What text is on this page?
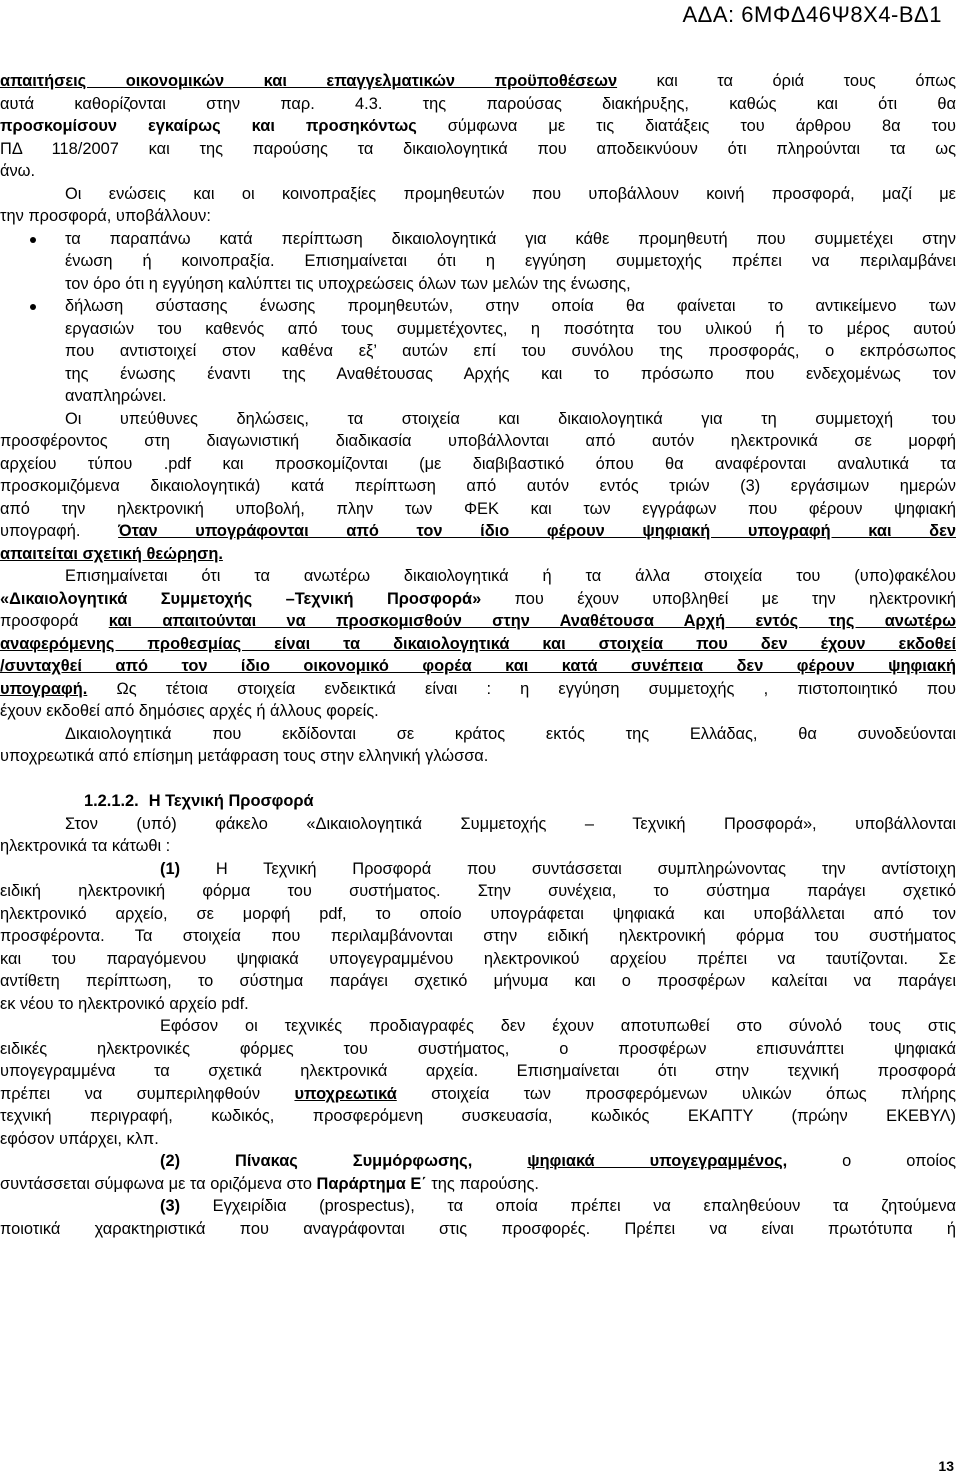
ΑΔΑ: 6ΜΦΔ46Ψ8Χ4-ΒΔ1
απαιτήσεις οικονομικών και επαγγελματικών προϋποθέσεων και τα όριά τους όπως
αυτά καθορίζονται στην παρ. 4.3. της παρούσας διακήρυξης, καθώς και ότι θα
προσκομίσουν εγκαίρως και προσηκόντως σύμφωνα με τις διατάξεις του άρθρου 8α του
ΠΔ 118/2007 και της παρούσης τα δικαιολογητικά που αποδεικνύουν ότι πληρούνται τα ως
άνω.
Οι ενώσεις και οι κοινοπραξίες προμηθευτών που υποβάλλουν κοινή προσφορά, μαζί με
την προσφορά, υποβάλλουν:
τα παραπάνω κατά περίπτωση δικαιολογητικά για κάθε προμηθευτή που συμμετέχει στην
ένωση ή κοινοπραξία. Επισημαίνεται ότι η εγγύηση συμμετοχής πρέπει να περιλαμβάνει
τον όρο ότι η εγγύηση καλύπτει τις υποχρεώσεις όλων των μελών της ένωσης,
δήλωση σύστασης ένωσης προμηθευτών, στην οποία θα φαίνεται το αντικείμενο των
εργασιών του καθενός από τους συμμετέχοντες, η ποσότητα του υλικού ή το μέρος αυτού
που αντιστοιχεί στον καθένα εξ’ αυτών επί του συνόλου της προσφοράς, ο εκπρόσωπος
της ένωσης έναντι της Αναθέτουσας Αρχής και το πρόσωπο που ενδεχομένως τον
αναπληρώνει.
Οι υπεύθυνες δηλώσεις, τα στοιχεία και δικαιολογητικά για τη συμμετοχή του
προσφέροντος στη διαγωνιστική διαδικασία υποβάλλονται από αυτόν ηλεκτρονικά σε μορφή
αρχείου τύπου .pdf και προσκομίζονται (με διαβιβαστικό όπου θα αναφέρονται αναλυτικά τα
προσκομιζόμενα δικαιολογητικά) κατά περίπτωση από αυτόν εντός τριών (3) εργάσιμων ημερών
από την ηλεκτρονική υποβολή, πλην των ΦΕΚ και των εγγράφων που φέρουν ψηφιακή
υπογραφή. Όταν υπογράφονται από τον ίδιο φέρουν ψηφιακή υπογραφή και δεν
απαιτείται σχετική θεώρηση.
Επισημαίνεται ότι τα ανωτέρω δικαιολογητικά ή τα άλλα στοιχεία του (υπο)φακέλου
«Δικαιολογητικά Συμμετοχής –Τεχνική Προσφορά» που έχουν υποβληθεί με την ηλεκτρονική
προσφορά και απαιτούνται να προσκομισθούν στην Αναθέτουσα Αρχή εντός της ανωτέρω
αναφερόμενης προθεσμίας είναι τα δικαιολογητικά και στοιχεία που δεν έχουν εκδοθεί
/συνταχθεί από τον ίδιο οικονομικό φορέα και κατά συνέπεια δεν φέρουν ψηφιακή
υπογραφή. Ως τέτοια στοιχεία ενδεικτικά είναι : η εγγύηση συμμετοχής , πιστοποιητικό που
έχουν εκδοθεί από δημόσιες αρχές ή άλλους φορείς.
Δικαιολογητικά που εκδίδονται σε κράτος εκτός της Ελλάδας, θα συνοδεύονται
υποχρεωτικά από επίσημη μετάφραση τους στην ελληνική γλώσσα.
1.2.1.2. Η Τεχνική Προσφορά
Στον (υπό) φάκελο «Δικαιολογητικά Συμμετοχής – Τεχνική Προσφορά», υποβάλλονται
ηλεκτρονικά τα κάτωθι :
(1) Η Τεχνική Προσφορά που συντάσσεται συμπληρώνοντας την αντίστοιχη
ειδική ηλεκτρονική φόρμα του συστήματος. Στην συνέχεια, το σύστημα παράγει σχετικό
ηλεκτρονικό αρχείο, σε μορφή pdf, το οποίο υπογράφεται ψηφιακά και υποβάλλεται από τον
προσφέροντα. Τα στοιχεία που περιλαμβάνονται στην ειδική ηλεκτρονική φόρμα του συστήματος
και του παραγόμενου ψηφιακά υπογεγραμμένου ηλεκτρονικού αρχείου πρέπει να ταυτίζονται. Σε
αντίθετη περίπτωση, το σύστημα παράγει σχετικό μήνυμα και ο προσφέρων καλείται να παράγει
εκ νέου το ηλεκτρονικό αρχείο pdf.
Εφόσον οι τεχνικές προδιαγραφές δεν έχουν αποτυπωθεί στο σύνολό τους στις
ειδικές ηλεκτρονικές φόρμες του συστήματος, ο προσφέρων επισυνάπτει ψηφιακά
υπογεγραμμένα τα σχετικά ηλεκτρονικά αρχεία. Επισημαίνεται ότι στην τεχνική προσφορά
πρέπει να συμπεριληφθούν υποχρεωτικά στοιχεία των προσφερόμενων υλικών όπως πλήρης
τεχνική περιγραφή, κωδικός, προσφερόμενη συσκευασία, κωδικός ΕΚΑΠΤΥ (πρώην ΕΚΕΒΥΛ)
εφόσον υπάρχει, κλπ.
(2) Πίνακας Συμμόρφωσης,	ψηφιακά υπογεγραμμένος, ο οποίος
συντάσσεται σύμφωνα με τα οριζόμενα στο Παράρτημα Ε΄ της παρούσης.
(3) Εγχειρίδια (prospectus), τα οποία πρέπει να επαληθεύουν τα ζητούμενα
ποιοτικά χαρακτηριστικά που αναγράφονται στις προσφορές. Πρέπει να είναι πρωτότυπα ή
13
